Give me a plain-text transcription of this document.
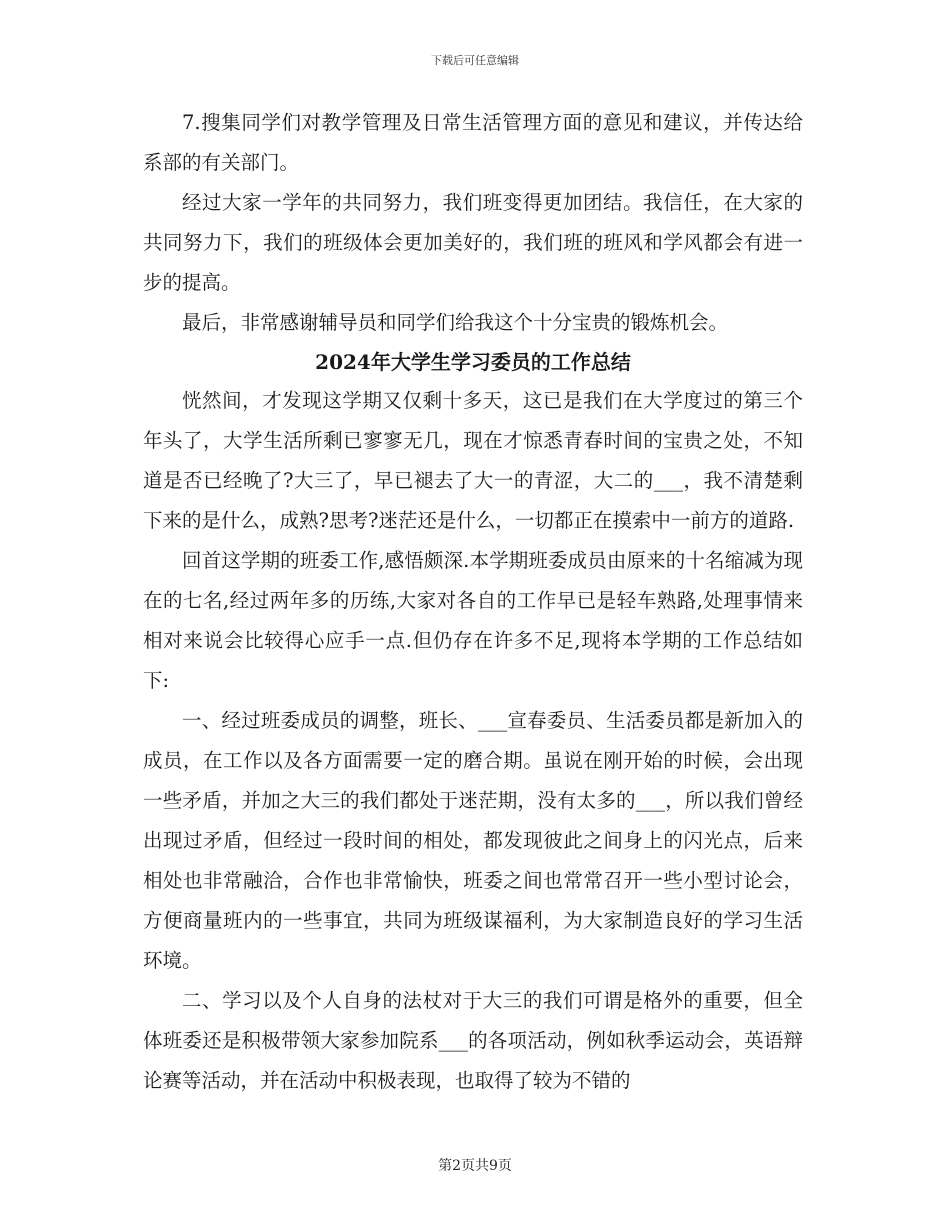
下载后可任意编辑

7.搜集同学们对教学管理及日常生活管理方面的意见和建议，并传达给系部的有关部门。

经过大家一学年的共同努力，我们班变得更加团结。我信任，在大家的共同努力下，我们的班级体会更加美好的，我们班的班风和学风都会有进一步的提高。

最后，非常感谢辅导员和同学们给我这个十分宝贵的锻炼机会。

2024年大学生学习委员的工作总结

恍然间，才发现这学期又仅剩十多天，这已是我们在大学度过的第三个年头了，大学生活所剩已寥寥无几，现在才惊悉青春时间的宝贵之处，不知道是否已经晚了?大三了，早已褪去了大一的青涩，大二的___，我不清楚剩下来的是什么，成熟?思考?迷茫还是什么，一切都正在摸索中一前方的道路.

回首这学期的班委工作,感悟颇深.本学期班委成员由原来的十名缩减为现在的七名,经过两年多的历练,大家对各自的工作早已是轻车熟路,处理事情来相对来说会比较得心应手一点.但仍存在许多不足,现将本学期的工作总结如下:

一、经过班委成员的调整，班长、___宣春委员、生活委员都是新加入的成员，在工作以及各方面需要一定的磨合期。虽说在刚开始的时候，会出现一些矛盾，并加之大三的我们都处于迷茫期，没有太多的___，所以我们曾经出现过矛盾，但经过一段时间的相处，都发现彼此之间身上的闪光点，后来相处也非常融洽，合作也非常愉快，班委之间也常常召开一些小型讨论会，方便商量班内的一些事宜，共同为班级谋福利，为大家制造良好的学习生活环境。

二、学习以及个人自身的法杖对于大三的我们可谓是格外的重要，但全体班委还是积极带领大家参加院系___的各项活动，例如秋季运动会，英语辩论赛等活动，并在活动中积极表现，也取得了较为不错的

第2页共9页
